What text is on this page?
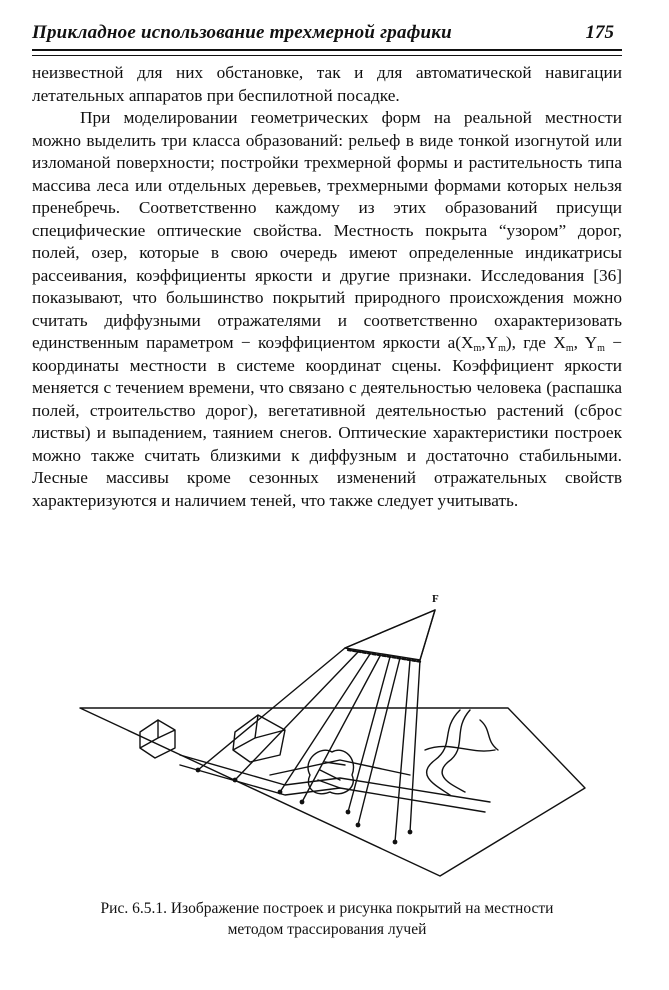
Прикладное использование трехмерной графики	175

неизвестной для них обстановке, так и для автоматической навигации летательных аппаратов при беспилотной посадке.

При моделировании геометрических форм на реальной местности можно выделить три класса образований: рельеф в виде тонкой изогнутой или изломаной поверхности; постройки трехмерной формы и растительность типа массива леса или отдельных деревьев, трехмерными формами которых нельзя пренебречь. Соответственно каждому из этих образований присущи специфические оптические свойства. Местность покрыта “узором” дорог, полей, озер, которые в свою очередь имеют определенные индикатрисы рассеивания, коэффициенты яркости и другие признаки. Исследования [36] показывают, что большинство покрытий природного происхождения можно считать диффузными отражателями и соответственно охарактеризовать единственным параметром − коэффициентом яркости $a(X_m,Y_m)$, где $X_m$, $Y_m$ − координаты местности в системе координат сцены. Коэффициент яркости меняется с течением времени, что связано с деятельностью человека (распашка полей, строительство дорог), вегетативной деятельностью растений (сброс листвы) и выпадением, таянием снегов. Оптические характеристики построек можно также считать близкими к диффузным и достаточно стабильными. Лесные массивы кроме сезонных изменений отражательных свойств характеризуются и наличием теней, что также следует учитывать.

F
Рис. 6.5.1. Изображение построек и рисунка покрытий на местности
методом трассирования лучей
